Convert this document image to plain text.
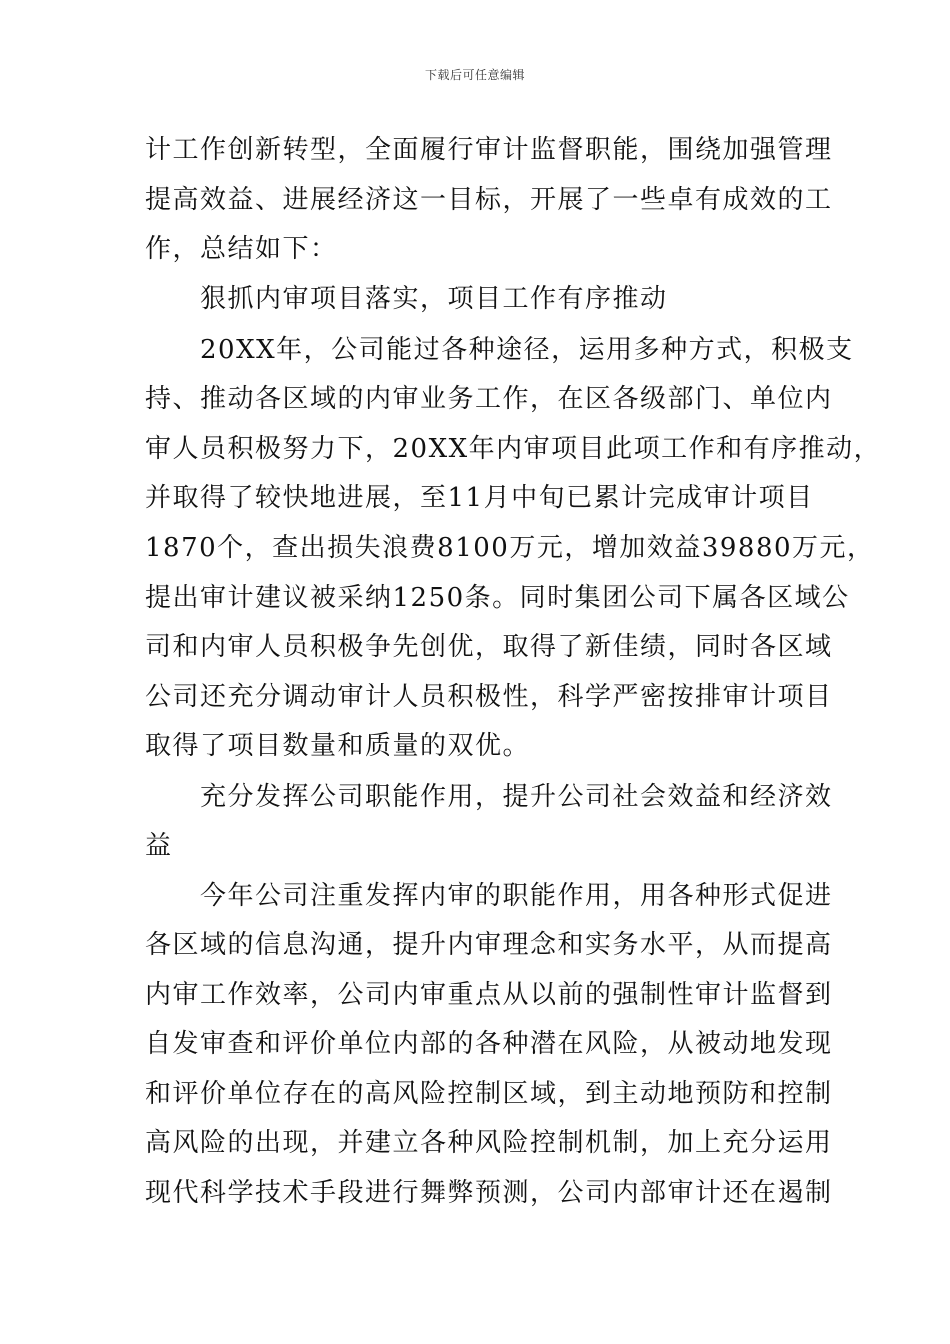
下载后可任意编辑
计工作创新转型，全面履行审计监督职能，围绕加强管理
提高效益、进展经济这一目标，开展了一些卓有成效的工
作，总结如下：
　　狠抓内审项目落实，项目工作有序推动
　　20XX年，公司能过各种途径，运用多种方式，积极支
持、推动各区域的内审业务工作，在区各级部门、单位内
审人员积极努力下，20XX年内审项目此项工作和有序推动，
并取得了较快地进展，至11月中旬已累计完成审计项目
1870个，查出损失浪费8100万元，增加效益39880万元，
提出审计建议被采纳1250条。同时集团公司下属各区域公
司和内审人员积极争先创优，取得了新佳绩，同时各区域
公司还充分调动审计人员积极性，科学严密按排审计项目
取得了项目数量和质量的双优。
　　充分发挥公司职能作用，提升公司社会效益和经济效
益
　　今年公司注重发挥内审的职能作用，用各种形式促进
各区域的信息沟通，提升内审理念和实务水平，从而提高
内审工作效率，公司内审重点从以前的强制性审计监督到
自发审查和评价单位内部的各种潜在风险，从被动地发现
和评价单位存在的高风险控制区域，到主动地预防和控制
高风险的出现，并建立各种风险控制机制，加上充分运用
现代科学技术手段进行舞弊预测，公司内部审计还在遏制
